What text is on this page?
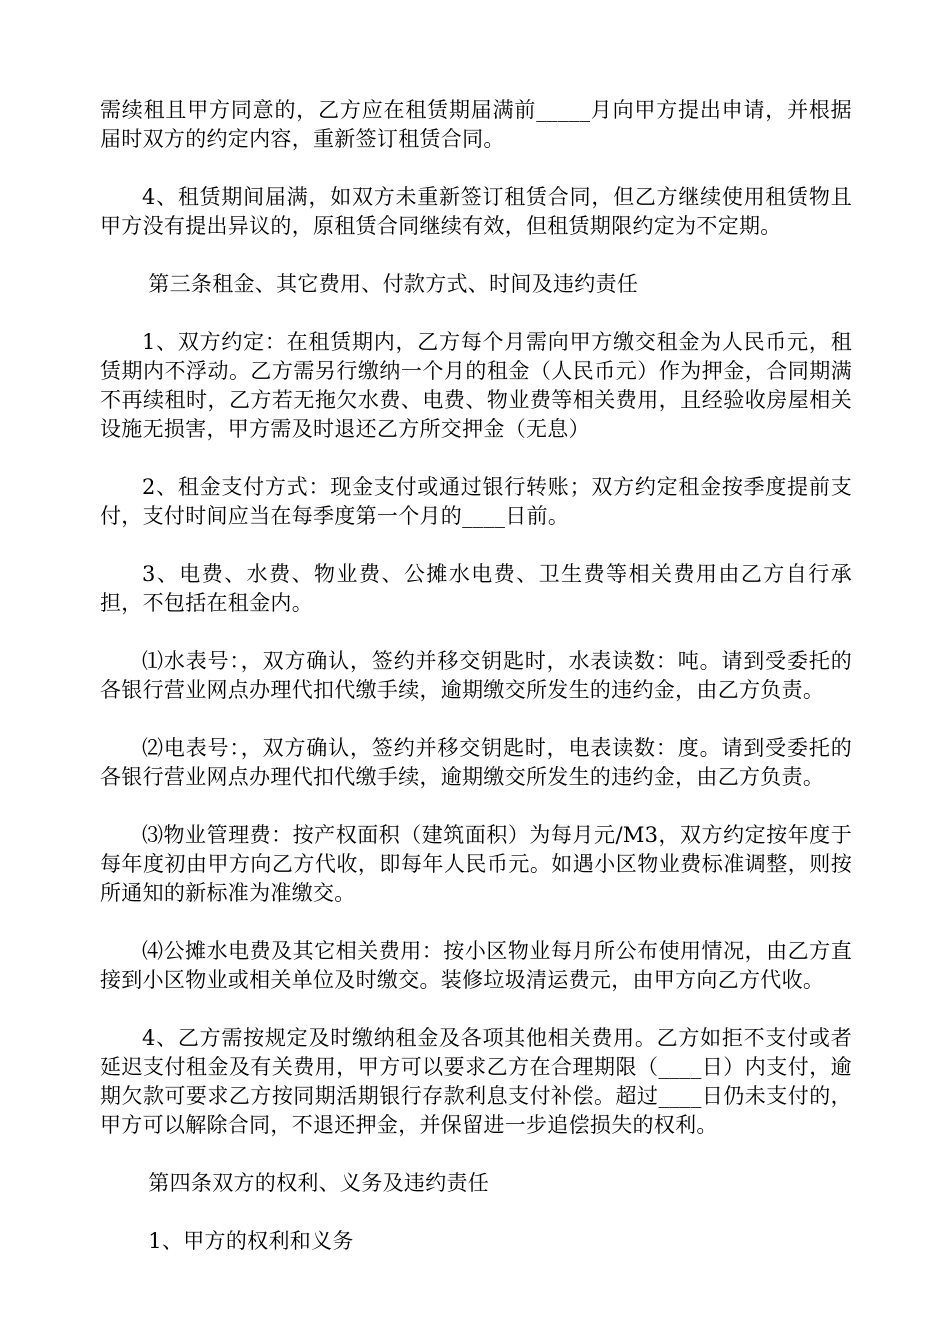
需续租且甲方同意的，乙方应在租赁期届满前_____月向甲方提出申请，并根据届时双方的约定内容，重新签订租赁合同。

4、租赁期间届满，如双方未重新签订租赁合同，但乙方继续使用租赁物且甲方没有提出异议的，原租赁合同继续有效，但租赁期限约定为不定期。

第三条租金、其它费用、付款方式、时间及违约责任

1、双方约定：在租赁期内，乙方每个月需向甲方缴交租金为人民币元，租赁期内不浮动。乙方需另行缴纳一个月的租金（人民币元）作为押金，合同期满不再续租时，乙方若无拖欠水费、电费、物业费等相关费用，且经验收房屋相关设施无损害，甲方需及时退还乙方所交押金（无息）

2、租金支付方式：现金支付或通过银行转账；双方约定租金按季度提前支付，支付时间应当在每季度第一个月的____日前。

3、电费、水费、物业费、公摊水电费、卫生费等相关费用由乙方自行承担，不包括在租金内。

⑴水表号：，双方确认，签约并移交钥匙时，水表读数：吨。请到受委托的各银行营业网点办理代扣代缴手续，逾期缴交所发生的违约金，由乙方负责。

⑵电表号：，双方确认，签约并移交钥匙时，电表读数：度。请到受委托的各银行营业网点办理代扣代缴手续，逾期缴交所发生的违约金，由乙方负责。

⑶物业管理费：按产权面积（建筑面积）为每月元/M3，双方约定按年度于每年度初由甲方向乙方代收，即每年人民币元。如遇小区物业费标准调整，则按所通知的新标准为准缴交。

⑷公摊水电费及其它相关费用：按小区物业每月所公布使用情况，由乙方直接到小区物业或相关单位及时缴交。装修垃圾清运费元，由甲方向乙方代收。

4、乙方需按规定及时缴纳租金及各项其他相关费用。乙方如拒不支付或者延迟支付租金及有关费用，甲方可以要求乙方在合理期限（____日）内支付，逾期欠款可要求乙方按同期活期银行存款利息支付补偿。超过____日仍未支付的，甲方可以解除合同，不退还押金，并保留进一步追偿损失的权利。

第四条双方的权利、义务及违约责任

1、甲方的权利和义务
